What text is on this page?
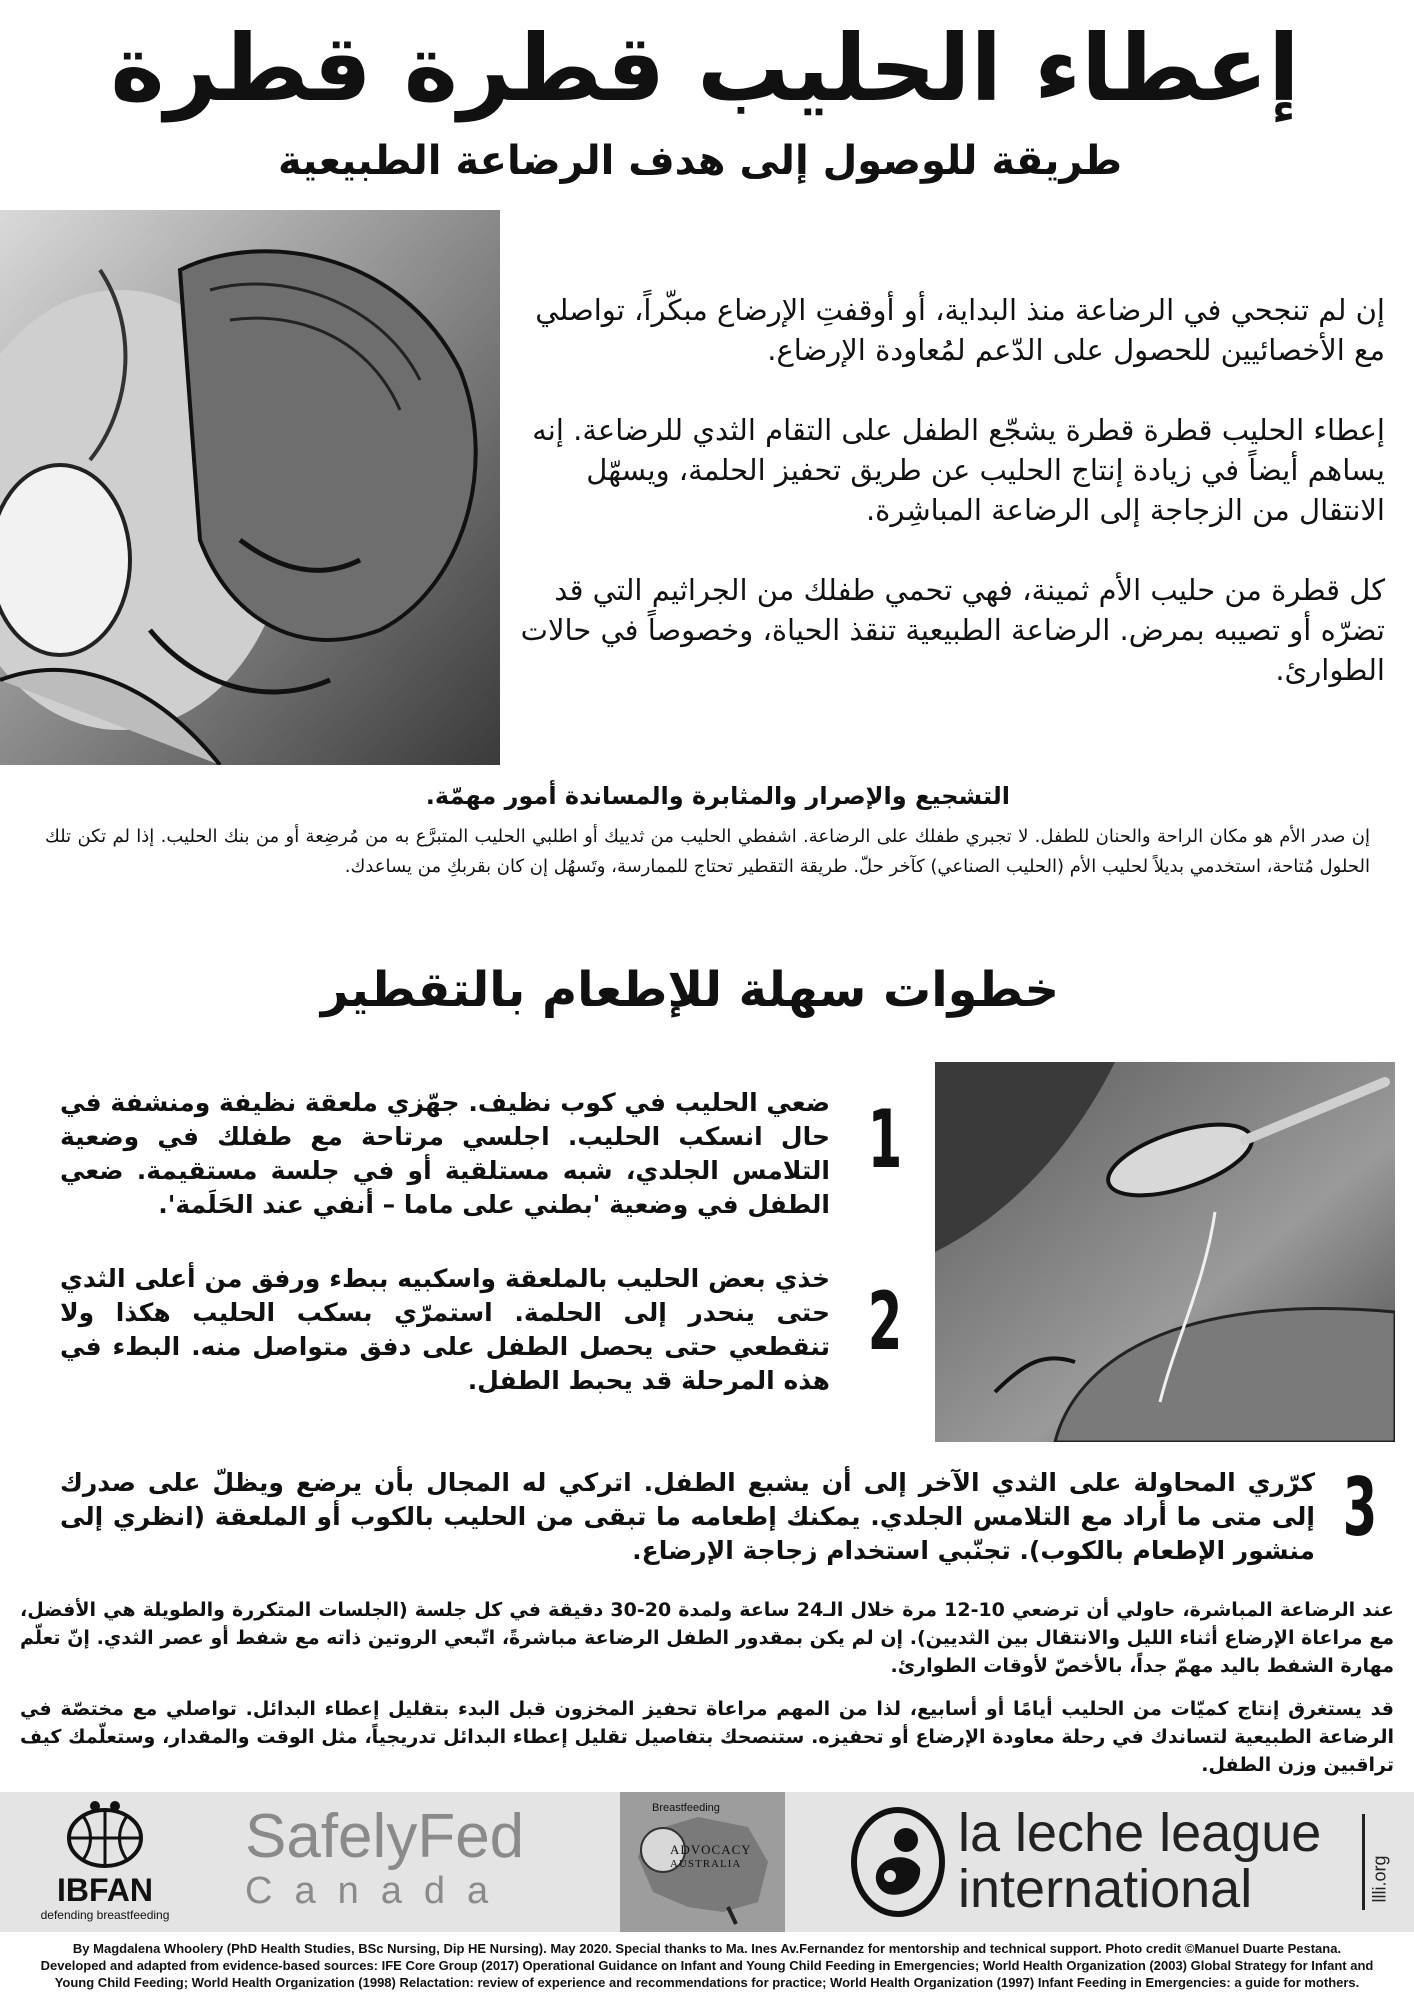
إعطاء الحليب قطرة قطرة
طريقة للوصول إلى هدف الرضاعة الطبيعية

إن لم تنجحي في الرضاعة منذ البداية، أو أوقفتِ الإرضاع مبكّراً، تواصلي مع الأخصائيين للحصول على الدّعم لمُعاودة الإرضاع.

إعطاء الحليب قطرة قطرة يشجّع الطفل على التقام الثدي للرضاعة. إنه يساهم أيضاً في زيادة إنتاج الحليب عن طريق تحفيز الحلمة، ويسهّل الانتقال من الزجاجة إلى الرضاعة المباشِرة.

كل قطرة من حليب الأم ثمينة، فهي تحمي طفلك من الجراثيم التي قد تضرّه أو تصيبه بمرض. الرضاعة الطبيعية تنقذ الحياة، وخصوصاً في حالات الطوارئ.

التشجيع والإصرار والمثابرة والمساندة أمور مهمّة.
إن صدر الأم هو مكان الراحة والحنان للطفل. لا تجبري طفلك على الرضاعة. اشفطي الحليب من ثدييك أو اطلبي الحليب المتبرَّع به من مُرضِعة أو من بنك الحليب. إذا لم تكن تلك الحلول مُتاحة، استخدمي بديلاً لحليب الأم (الحليب الصناعي) كآخر حلّ. طريقة التقطير تحتاج للممارسة، وتَسهُل إن كان بقربكِ من يساعدك.
خطوات سهلة للإطعام بالتقطير
1
ضعي الحليب في كوب نظيف. جهّزي ملعقة نظيفة ومنشفة في حال انسكب الحليب. اجلسي مرتاحة مع طفلك في وضعية التلامس الجلدي، شبه مستلقية أو في جلسة مستقيمة. ضعي الطفل في وضعية 'بطني على ماما – أنفي عند الحَلَمة'.
2
خذي بعض الحليب بالملعقة واسكبيه ببطء ورفق من أعلى الثدي حتى ينحدر إلى الحلمة. استمرّي بسكب الحليب هكذا ولا تنقطعي حتى يحصل الطفل على دفق متواصل منه. البطء في هذه المرحلة قد يحبط الطفل.
3
كرّري المحاولة على الثدي الآخر إلى أن يشبع الطفل. اتركي له المجال بأن يرضع ويظلّ على صدرك إلى متى ما أراد مع التلامس الجلدي. يمكنك إطعامه ما تبقى من الحليب بالكوب أو الملعقة (انظري إلى منشور الإطعام بالكوب). تجنّبي استخدام زجاجة الإرضاع.
عند الرضاعة المباشرة، حاولي أن ترضعي 10-12 مرة خلال الـ24 ساعة ولمدة 20-30 دقيقة في كل جلسة (الجلسات المتكررة والطويلة هي الأفضل، مع مراعاة الإرضاع أثناء الليل والانتقال بين الثديين). إن لم يكن بمقدور الطفل الرضاعة مباشرةً، اتّبعي الروتين ذاته مع شفط أو عصر الثدي. إنّ تعلّم مهارة الشفط باليد مهمّ جداً، بالأخصّ لأوقات الطوارئ.
قد يستغرق إنتاج كميّات من الحليب أيامًا أو أسابيع، لذا من المهم مراعاة تحفيز المخزون قبل البدء بتقليل إعطاء البدائل. تواصلي مع مختصّة في الرضاعة الطبيعية لتساندك في رحلة معاودة الإرضاع أو تحفيزه. ستنصحك بتفاصيل تقليل إعطاء البدائل تدريجياً، مثل الوقت والمقدار، وستعلّمك كيف تراقبين وزن الطفل.
IBFAN
defending breastfeeding
SafelyFed
Canada
Breastfeeding
ADVOCACY
AUSTRALIA
la leche league
international	llli.org
By Magdalena Whoolery (PhD Health Studies, BSc Nursing, Dip HE Nursing). May 2020. Special thanks to Ma. Ines Av.Fernandez for mentorship and technical support. Photo credit ©Manuel Duarte Pestana.
Developed and adapted from evidence-based sources: IFE Core Group (2017) Operational Guidance on Infant and Young Child Feeding in Emergencies; World Health Organization (2003) Global Strategy for Infant and Young Child Feeding; World Health Organization (1998) Relactation: review of experience and recommendations for practice; World Health Organization (1997) Infant Feeding in Emergencies: a guide for mothers.
